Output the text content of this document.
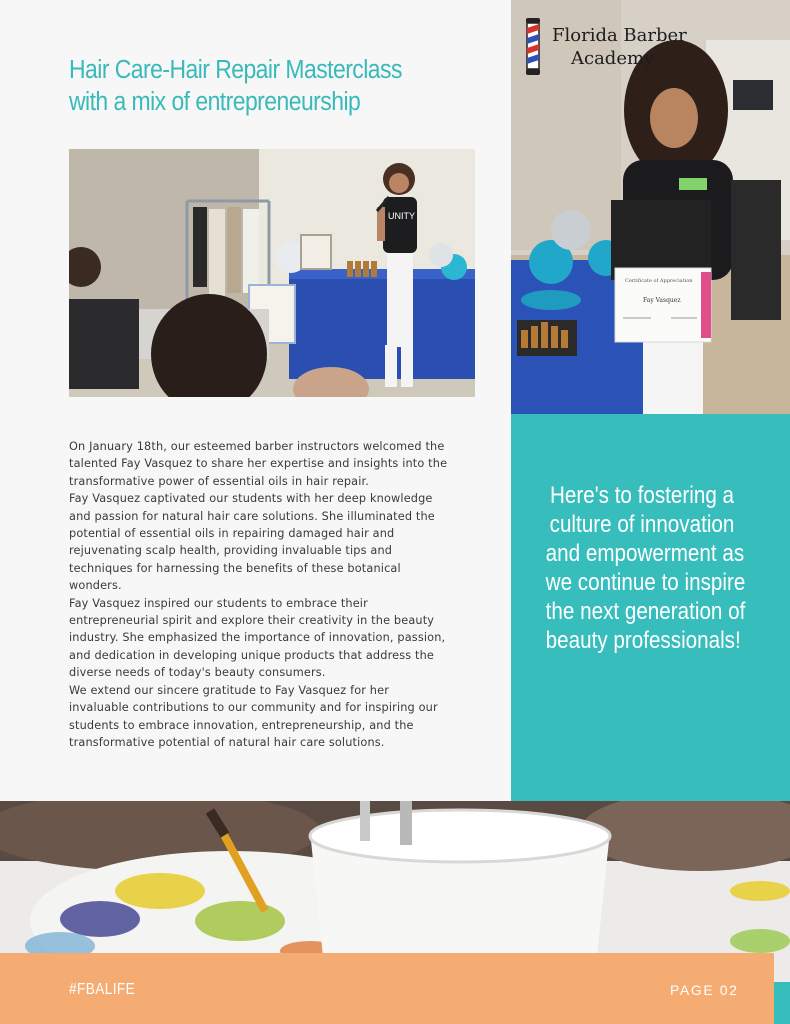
Hair Care-Hair Repair Masterclass
with a mix of entrepreneurship
UNITY
Certificate of Appreciation
Fay Vasquez
Florida Barber
Academy
On January 18th, our esteemed barber instructors welcomed the
talented Fay Vasquez to share her expertise and insights into the
transformative power of essential oils in hair repair.
Fay Vasquez captivated our students with her deep knowledge
and passion for natural hair care solutions. She illuminated the
potential of essential oils in repairing damaged hair and
rejuvenating scalp health, providing invaluable tips and
techniques for harnessing the benefits of these botanical
wonders.
Fay Vasquez inspired our students to embrace their
entrepreneurial spirit and explore their creativity in the beauty
industry. She emphasized the importance of innovation, passion,
and dedication in developing unique products that address the
diverse needs of today's beauty consumers.
We extend our sincere gratitude to Fay Vasquez for her
invaluable contributions to our community and for inspiring our
students to embrace innovation, entrepreneurship, and the
transformative potential of natural hair care solutions.
Here's to fostering a
culture of innovation
and empowerment as
we continue to inspire
the next generation of
beauty professionals!
#FBALIFE	PAGE 02
